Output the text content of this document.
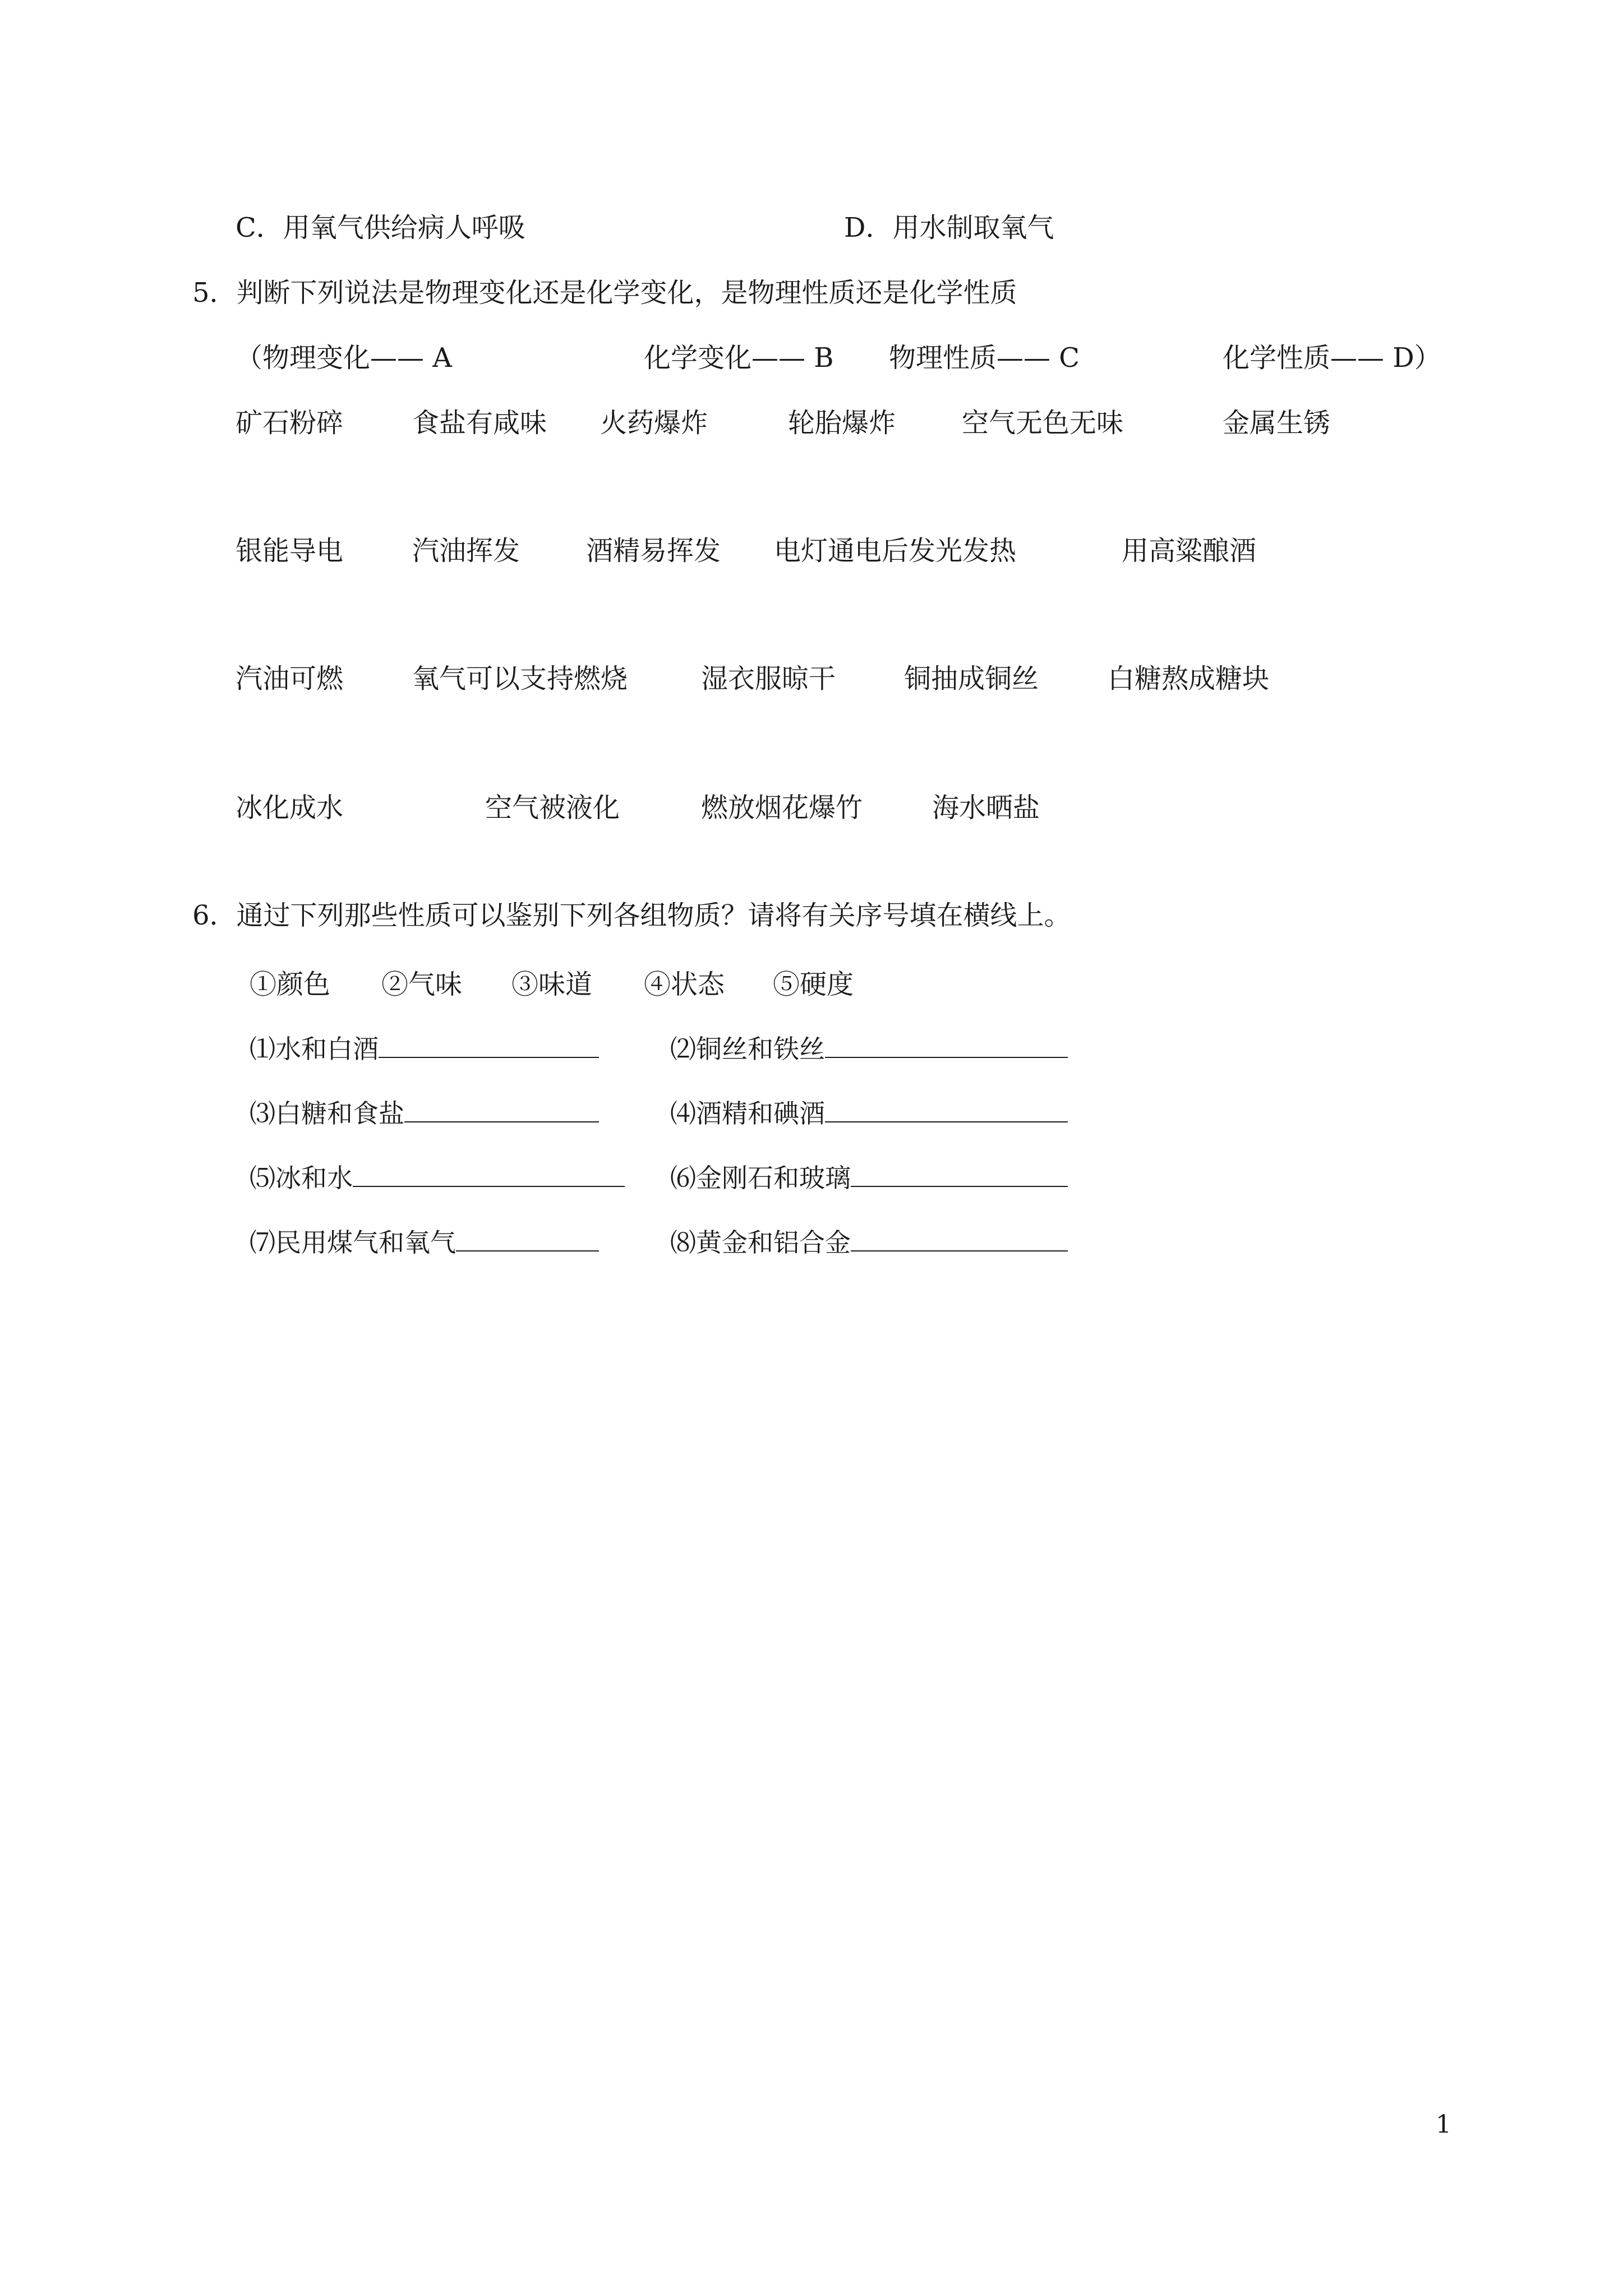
C．用氧气供给病人呼吸	D．用水制取氧气
5．判断下列说法是物理变化还是化学变化，是物理性质还是化学性质
（物理变化—— A	化学变化—— B 物理性质—— C	化学性质—— D）
矿石粉碎	食盐有咸味 火药爆炸	轮胎爆炸 空气无色无味	金属生锈
银能导电	汽油挥发 酒精易挥发 电灯通电后发光发热	用高粱酿酒
汽油可燃	氧气可以支持燃烧	湿衣服晾干	铜抽成铜丝	白糖熬成糖块
冰化成水	空气被液化	燃放烟花爆竹	海水晒盐
6．通过下列那些性质可以鉴别下列各组物质？请将有关序号填在横线上。
①颜色 ②气味 ③味道 ④状态 ⑤硬度
⑴水和白酒	⑵铜丝和铁丝
⑶白糖和食盐	⑷酒精和碘酒
⑸冰和水	⑹金刚石和玻璃
⑺民用煤气和氧气	⑻黄金和铝合金
1
